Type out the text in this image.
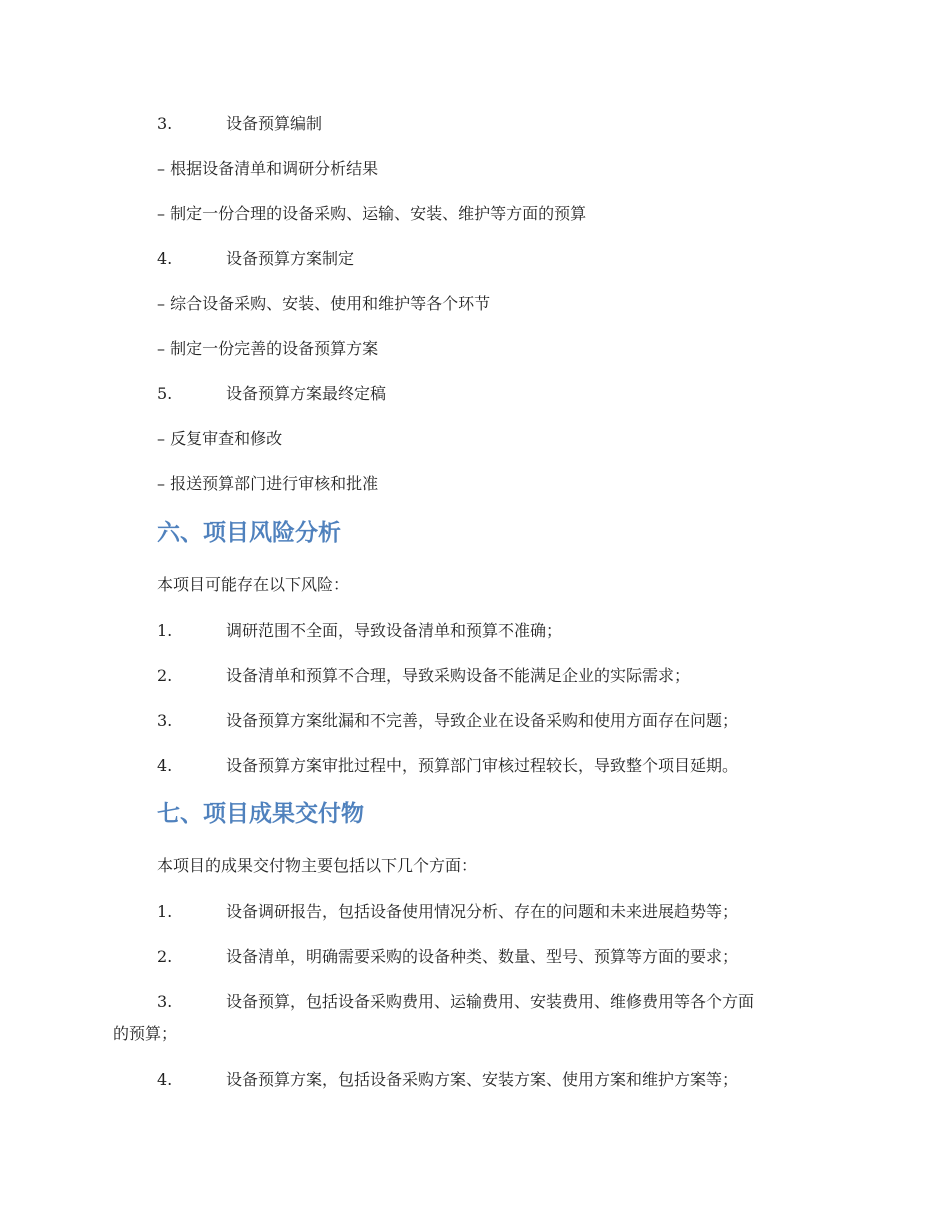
3.	设备预算编制
– 根据设备清单和调研分析结果
– 制定一份合理的设备采购、运输、安装、维护等方面的预算
4.	设备预算方案制定
– 综合设备采购、安装、使用和维护等各个环节
– 制定一份完善的设备预算方案
5.	设备预算方案最终定稿
– 反复审查和修改
– 报送预算部门进行审核和批准
六、项目风险分析
本项目可能存在以下风险：
1.	调研范围不全面，导致设备清单和预算不准确；
2.	设备清单和预算不合理，导致采购设备不能满足企业的实际需求；
3.	设备预算方案纰漏和不完善，导致企业在设备采购和使用方面存在问题；
4.	设备预算方案审批过程中，预算部门审核过程较长，导致整个项目延期。
七、项目成果交付物
本项目的成果交付物主要包括以下几个方面：
1.	设备调研报告，包括设备使用情况分析、存在的问题和未来进展趋势等；
2.	设备清单，明确需要采购的设备种类、数量、型号、预算等方面的要求；
3.	设备预算，包括设备采购费用、运输费用、安装费用、维修费用等各个方面
的预算；
4.	设备预算方案，包括设备采购方案、安装方案、使用方案和维护方案等；
